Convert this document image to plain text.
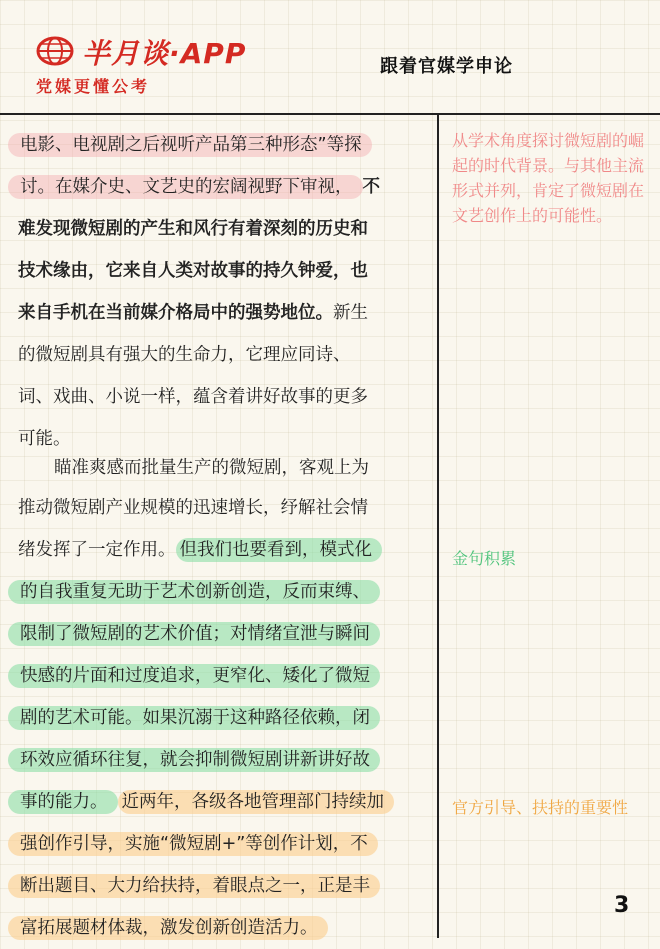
半月谈·APP
党媒更懂公考
跟着官媒学申论
电影、电视剧之后视听产品第三种形态”等探
讨。在媒介史、文艺史的宏阔视野下审视， 不
难发现微短剧的产生和风行有着深刻的历史和
技术缘由，它来自人类对故事的持久钟爱，也
来自手机在当前媒介格局中的强势地位。新生
的微短剧具有强大的生命力，它理应同诗、
词、戏曲、小说一样，蕴含着讲好故事的更多
可能。
瞄准爽感而批量生产的微短剧，客观上为
推动微短剧产业规模的迅速增长，纾解社会情
绪发挥了一定作用。 但我们也要看到，模式化
的自我重复无助于艺术创新创造，反而束缚、
限制了微短剧的艺术价值；对情绪宣泄与瞬间
快感的片面和过度追求，更窄化、矮化了微短
剧的艺术可能。如果沉溺于这种路径依赖，闭
环效应循环往复，就会抑制微短剧讲新讲好故
事的能力。 近两年，各级各地管理部门持续加
强创作引导，实施“微短剧+”等创作计划，不
断出题目、大力给扶持，着眼点之一，正是丰
富拓展题材体裁，激发创新创造活力。
从学术角度探讨微短剧的崛起的时代背景。与其他主流形式并列，肯定了微短剧在文艺创作上的可能性。
金句积累
官方引导、扶持的重要性
3
